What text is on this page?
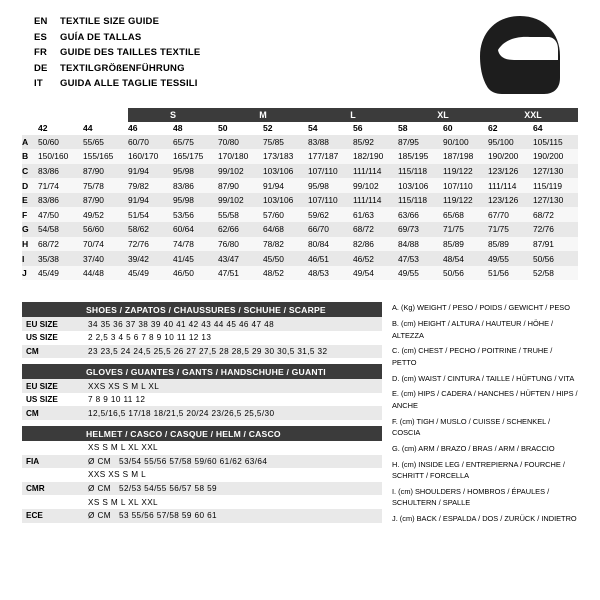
EN	TEXTILE SIZE GUIDE
ES	GUÍA DE TALLAS
FR	GUIDE DES TAILLES TEXTILE
DE	TEXTILGRÖßENFÜHRUNG
IT	GUIDA ALLE TAGLIE TESSILI
			S		M		L		XL		XXL		
	42	44	46	48	50	52	54	56	58	60	62	64	
A	50/60	55/65	60/70	65/75	70/80	75/85	83/88	85/92	87/95	90/100	95/100	105/115	
B	150/160	155/165	160/170	165/175	170/180	173/183	177/187	182/190	185/195	187/198	190/200	190/200	
C	83/86	87/90	91/94	95/98	99/102	103/106	107/110	111/114	115/118	119/122	123/126	127/130	
D	71/74	75/78	79/82	83/86	87/90	91/94	95/98	99/102	103/106	107/110	111/114	115/119	
E	83/86	87/90	91/94	95/98	99/102	103/106	107/110	111/114	115/118	119/122	123/126	127/130	
F	47/50	49/52	51/54	53/56	55/58	57/60	59/62	61/63	63/66	65/68	67/70	68/72	
G	54/58	56/60	58/62	60/64	62/66	64/68	66/70	68/72	69/73	71/75	71/75	72/76	
H	68/72	70/74	72/76	74/78	76/80	78/82	80/84	82/86	84/88	85/89	85/89	87/91	
I	35/38	37/40	39/42	41/45	43/47	45/50	46/51	46/52	47/53	48/54	49/55	50/56	
J	45/49	44/48	45/49	46/50	47/51	48/52	48/53	49/54	49/55	50/56	51/56	52/58	
SHOES / ZAPATOS / CHAUSSURES / SCHUHE / SCARPE
EU SIZE	34 35 36 37 38 39 40 41 42 43 44 45 46 47 48
US SIZE	2 2,5 3 4 5 6 7 8 9 10 11 12 13
CM	23 23,5 24 24,5 25,5 26 27 27,5 28 28,5 29 30 30,5 31,5 32
GLOVES / GUANTES / GANTS / HANDSCHUHE / GUANTI
EU SIZE	XXS XS S M L XL
US SIZE	7 8 9 10 11 12
CM	12,5/16,5 17/18 18/21,5 20/24 23/26,5 25,5/30
HELMET / CASCO / CASQUE / HELM / CASCO
	XS S M L XL XXL
FIA	Ø CM 53/54 55/56 57/58 59/60 61/62 63/64
	XXS XS S M L
CMR	Ø CM 52/53 54/55 56/57 58 59
	XS S M L XL XXL
ECE	Ø CM 53 55/56 57/58 59 60 61

A. (Kg) WEIGHT / PESO / POIDS / GEWICHT / PESO

B. (cm) HEIGHT / ALTURA / HAUTEUR / HÖHE / ALTEZZA

C. (cm) CHEST / PECHO / POITRINE / TRUHE / PETTO

D. (cm) WAIST / CINTURA / TAILLE / HÜFTUNG / VITA

E. (cm) HIPS / CADERA / HANCHES / HÜFTEN / HIPS / ANCHE

F. (cm) TIGH / MUSLO / CUISSE / SCHENKEL / COSCIA

G. (cm) ARM / BRAZO / BRAS / ARM / BRACCIO

H. (cm) INSIDE LEG / ENTREPIERNA / FOURCHE / SCHRITT / FORCELLA

I. (cm) SHOULDERS / HOMBROS / ÉPAULES / SCHULTERN / SPALLE

J. (cm) BACK / ESPALDA / DOS / ZURÜCK / INDIETRO
